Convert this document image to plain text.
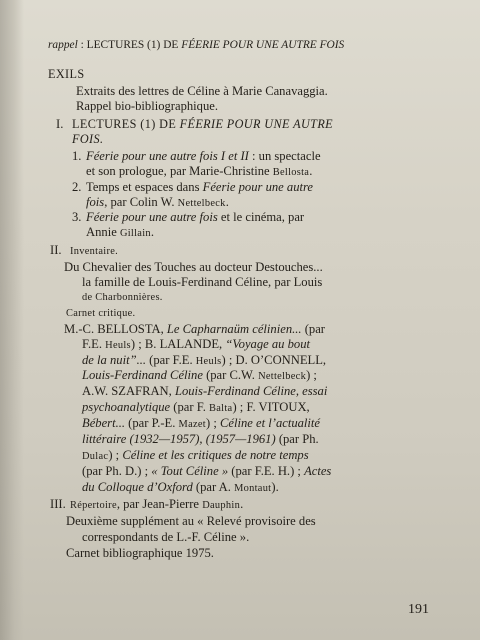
rappel : LECTURES (1) DE FÉERIE POUR UNE AUTRE FOIS
EXILS
Extraits des lettres de Céline à Marie Canavaggia.
Rappel bio-bibliographique.
I. LECTURES (1) DE FÉERIE POUR UNE AUTRE
FOIS.
1. Féerie pour une autre fois I et II : un spectacle
et son prologue, par Marie-Christine Bellosta.
2. Temps et espaces dans Féerie pour une autre
fois, par Colin W. Nettelbeck.
3. Féerie pour une autre fois et le cinéma, par
Annie Gillain.
II. Inventaire.
Du Chevalier des Touches au docteur Destouches...
la famille de Louis-Ferdinand Céline, par Louis
de Charbonnières.
Carnet critique.
M.-C. BELLOSTA, Le Capharnaüm célinien... (par
F.E. Heuls) ; B. LALANDE, “Voyage au bout
de la nuit”... (par F.E. Heuls) ; D. O’CONNELL,
Louis-Ferdinand Céline (par C.W. Nettelbeck) ;
A.W. SZAFRAN, Louis-Ferdinand Céline, essai
psychoanalytique (par F. Balta) ; F. VITOUX,
Bébert... (par P.-E. Mazet) ; Céline et l’actualité
littéraire (1932—1957), (1957—1961) (par Ph.
Dulac) ; Céline et les critiques de notre temps
(par Ph. D.) ; « Tout Céline » (par F.E. H.) ; Actes
du Colloque d’Oxford (par A. Montaut).
III. Répertoire, par Jean-Pierre Dauphin.
Deuxième supplément au « Relevé provisoire des
correspondants de L.-F. Céline ».
Carnet bibliographique 1975.
191
